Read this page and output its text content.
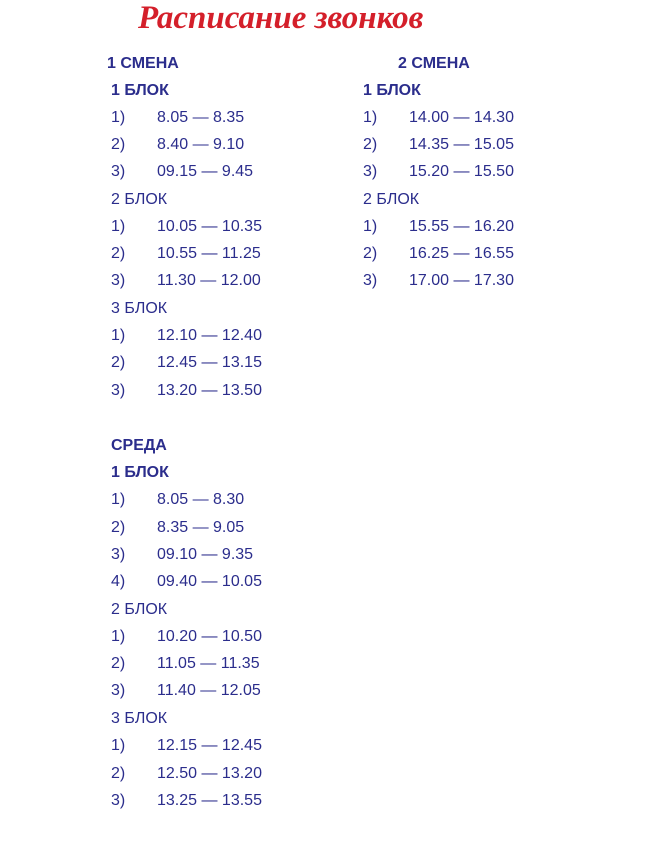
Расписание звонков
1 СМЕНА
1 БЛОК
1) 8.05 — 8.35
2) 8.40 — 9.10
3) 09.15 — 9.45
2 БЛОК
1) 10.05 — 10.35
2) 10.55 — 11.25
3) 11.30 — 12.00
3 БЛОК
1) 12.10 — 12.40
2) 12.45 — 13.15
3) 13.20 — 13.50
2 СМЕНА
1 БЛОК
1) 14.00 — 14.30
2) 14.35 — 15.05
3) 15.20 — 15.50
2 БЛОК
1) 15.55 — 16.20
2) 16.25 — 16.55
3) 17.00 — 17.30
СРЕДА
1 БЛОК
1) 8.05 — 8.30
2) 8.35 — 9.05
3) 09.10 — 9.35
4) 09.40 — 10.05
2 БЛОК
1) 10.20 — 10.50
2) 11.05 — 11.35
3) 11.40 — 12.05
3 БЛОК
1) 12.15 — 12.45
2) 12.50 — 13.20
3) 13.25 — 13.55
